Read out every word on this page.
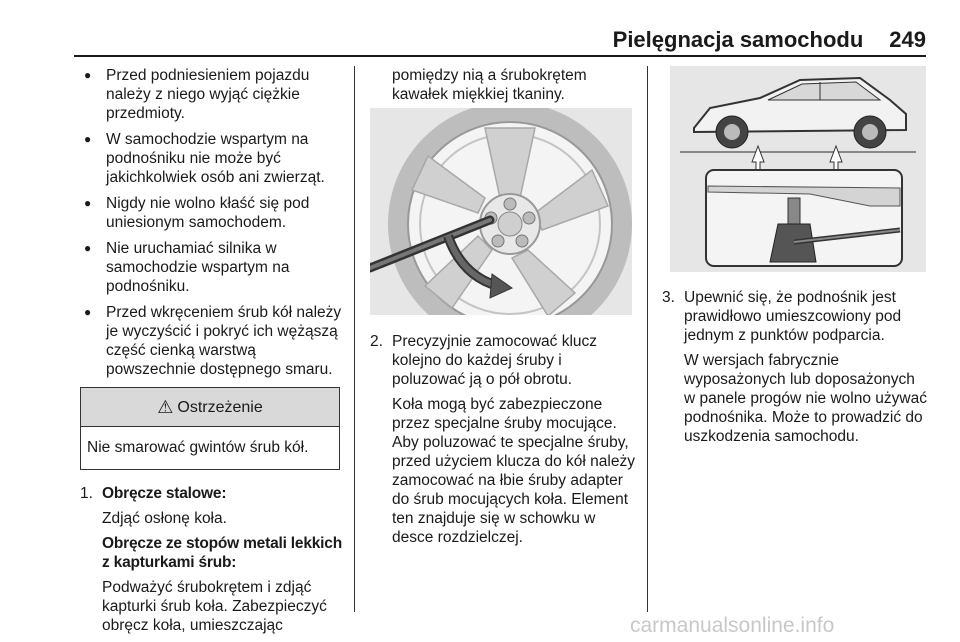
Pielęgnacja samochodu 249
● Przed podniesieniem pojazdu należy z niego wyjąć ciężkie przedmioty.
● W samochodzie wspartym na podnośniku nie może być jakichkolwiek osób ani zwierząt.
● Nigdy nie wolno kłaść się pod uniesionym samochodem.
● Nie uruchamiać silnika w samochodzie wspartym na podnośniku.
● Przed wkręceniem śrub kół należy je wyczyścić i pokryć ich wężąszą część cienką warstwą powszechnie dostępnego smaru.
⚠ Ostrzeżenie
Nie smarować gwintów śrub kół.
1. Obręcze stalowe:

Zdjąć osłonę koła.

Obręcze ze stopów metali lekkich z kapturkami śrub:

Podważyć śrubokrętem i zdjąć kapturki śrub koła. Zabezpieczyć obręcz koła, umieszczając

pomiędzy nią a śrubokrętem kawałek miękkiej tkaniny.
2. Precyzyjnie zamocować klucz kolejno do każdej śruby i poluzować ją o pół obrotu.

Koła mogą być zabezpieczone przez specjalne śruby mocujące. Aby poluzować te specjalne śruby, przed użyciem klucza do kół należy zamocować na łbie śruby adapter do śrub mocujących koła. Element ten znajduje się w schowku w desce rozdzielczej.

3. Upewnić się, że podnośnik jest prawidłowo umieszcowiony pod jednym z punktów podparcia.

W wersjach fabrycznie wyposażonych lub doposażonych w panele progów nie wolno używać podnośnika. Może to prowadzić do uszkodzenia samochodu.

carmanualsonline.info
